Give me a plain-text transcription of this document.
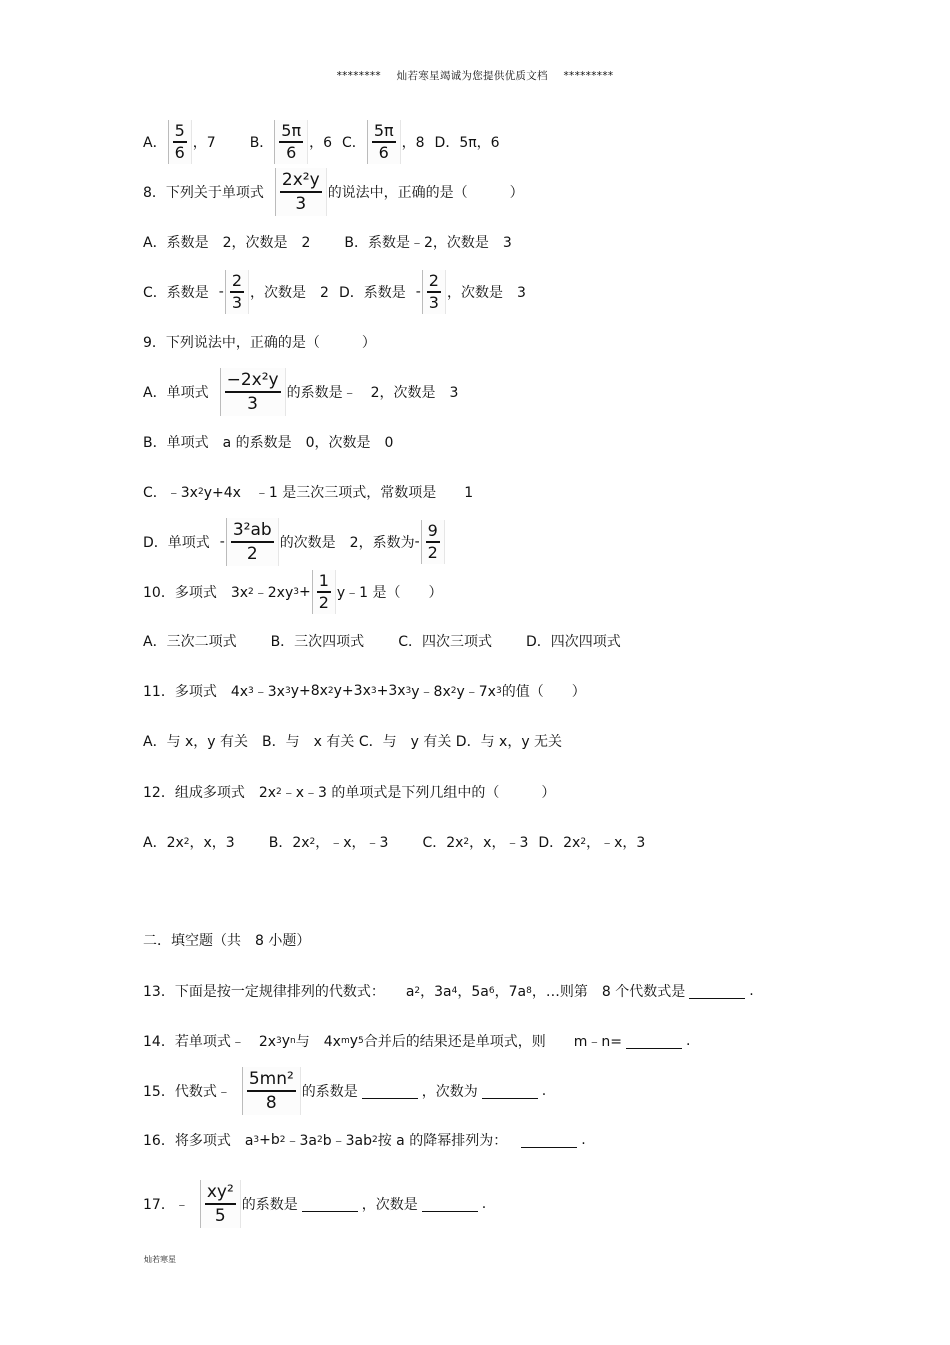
******** 灿若寒星竭诚为您提供优质文档 *********
A．
5
6 ，7 B．
5π
6 ，6 C．
5π
6 ，8 D．5π，6
8．下列关于单项式
2x²y
3
的说法中，正确的是（　　　）
A．系数是　2，次数是　2 B．系数是﹣2，次数是　3
C．系数是 -
2
3 ，次数是　2 D．系数是 -
2
3 ，次数是　3
9．下列说法中，正确的是（　　　）
A．单项式
−2x²y
3
的系数是﹣　2，次数是　3
B．单项式　a 的系数是　0，次数是　0
C．﹣3x 2 y+4x　﹣1 是三次三项式，常数项是　　1
D．单项式 -
3²ab
2
的次数是　2，系数为 -
9
2
10．多项式　3x 2 ﹣2xy 3 +
1
2 y﹣1 是（　　）
A．三次二项式 B．三次四项式 C．四次三项式 D．四次四项式
11．多项式　4x 3 ﹣3x 3 y+8x 2 y+3x 3 +3x 3 y﹣8x 2 y﹣7x 3 的值（　　）
A．与 x，y 有关　B．与　x 有关 C．与　y 有关 D．与 x，y 无关
12．组成多项式　2x 2 ﹣x﹣3 的单项式是下列几组中的（　　　）
A．2x 2 ，x，3 B．2x 2 ，﹣x，﹣3 C．2x 2 ，x，﹣3 D．2x 2 ，﹣x，3
二．填空题（共　8 小题）
13．下面是按一定规律排列的代数式：　　a 2 ，3a 4 ，5a 6 ，7a 8 ，…则第　8 个代数式是	.
14．若单项式﹣　2x 3 y n 与　4x m y 5 合并后的结果还是单项式，则　　m﹣n=	.
15．代数式﹣
5mn²
8
的系数是	，次数为	.
16．将多项式　a 3 +b 2 ﹣3a 2 b﹣3ab 2 按 a 的降幂排列为：	.
17．﹣
xy²
5
的系数是	，次数是	.
灿若寒星
